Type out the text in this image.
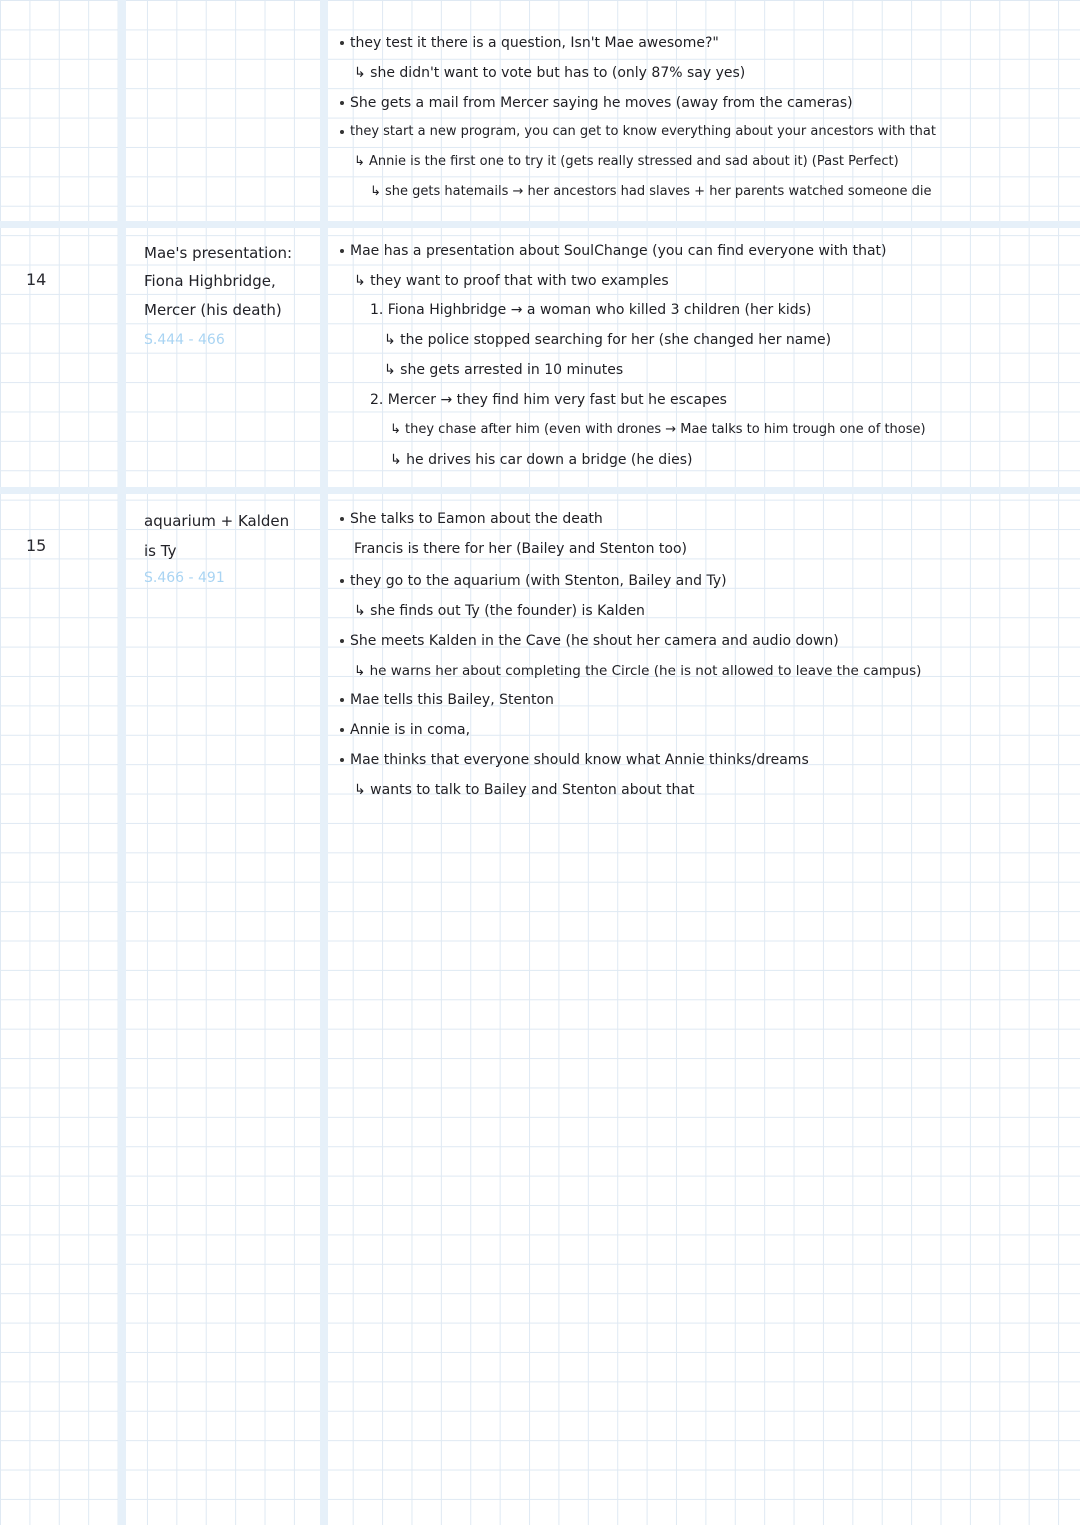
they test it there is a question, Isn't Mae awesome?"
↳ she didn't want to vote but has to (only 87% say yes)
She gets a mail from Mercer saying he moves (away from the cameras)
they start a new program, you can get to know everything about your ancestors with that
↳ Annie is the first one to try it (gets really stressed and sad about it) (Past Perfect)
↳ she gets hatemails → her ancestors had slaves + her parents watched someone die
14
Mae's presentation:
Fiona Highbridge,
Mercer (his death)
S.444 - 466
Mae has a presentation about SoulChange (you can find everyone with that)
↳ they want to proof that with two examples
1. Fiona Highbridge → a woman who killed 3 children (her kids)
↳ the police stopped searching for her (she changed her name)
↳ she gets arrested in 10 minutes
2. Mercer → they find him very fast but he escapes
↳ they chase after him (even with drones → Mae talks to him trough one of those)
↳ he drives his car down a bridge (he dies)
15
aquarium + Kalden
is Ty
S.466 - 491
She talks to Eamon about the death
Francis is there for her (Bailey and Stenton too)
they go to the aquarium (with Stenton, Bailey and Ty)
↳ she finds out Ty (the founder) is Kalden
She meets Kalden in the Cave (he shout her camera and audio down)
↳ he warns her about completing the Circle (he is not allowed to leave the campus)
Mae tells this Bailey, Stenton
Annie is in coma,
Mae thinks that everyone should know what Annie thinks/dreams
↳ wants to talk to Bailey and Stenton about that
